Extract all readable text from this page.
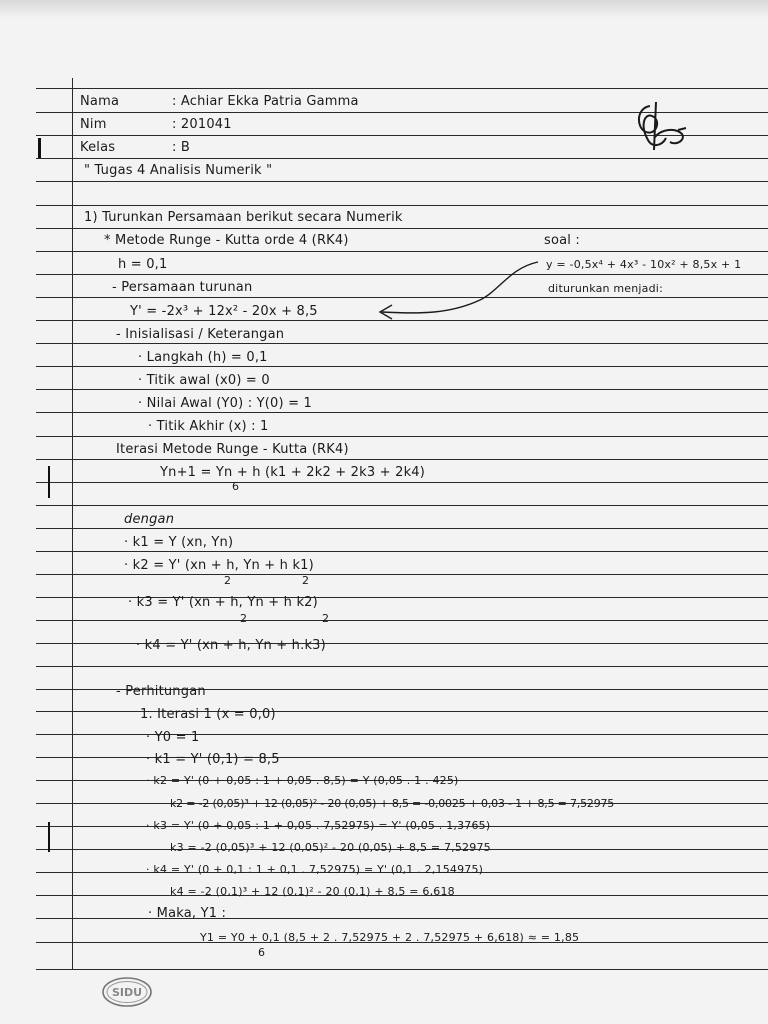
Nama	: Achiar Ekka Patria Gamma
Nim	: 201041
Kelas	: B
" Tugas 4 Analisis Numerik "
1) Turunkan Persamaan berikut secara Numerik
* Metode Runge - Kutta orde 4 (RK4)
h = 0,1
soal :
y = -0,5x⁴ + 4x³ - 10x² + 8,5x + 1
diturunkan menjadi:
- Persamaan turunan
Y' = -2x³ + 12x² - 20x + 8,5
- Inisialisasi / Keterangan
· Langkah (h) = 0,1
· Titik awal (x0) = 0
· Nilai Awal (Y0) : Y(0) = 1
· Titik Akhir (x) : 1
Iterasi Metode Runge - Kutta (RK4)
Yn+1 = Yn + h (k1 + 2k2 + 2k3 + 2k4)
6
dengan
· k1 = Y (xn, Yn)
· k2 = Y' (xn + h, Yn + h k1)
2	2
· k3 = Y' (xn + h, Yn + h k2)
2	2
· k4 = Y' (xn + h, Yn + h.k3)
- Perhitungan
1. Iterasi 1 (x = 0,0)
· Y0 = 1
· k1 = Y' (0,1) = 8,5
· k2 = Y' (0 + 0,05 : 1 + 0,05 . 8,5) = Y (0,05 . 1 . 425)
k2 = -2 (0,05)³ + 12 (0,05)² - 20 (0,05) + 8,5 = -0,0025 + 0,03 - 1 + 8,5 = 7,52975
· k3 = Y' (0 + 0,05 : 1 + 0,05 . 7,52975) = Y' (0,05 . 1,3765)
k3 = -2 (0,05)³ + 12 (0,05)² - 20 (0,05) + 8,5 = 7,52975
· k4 = Y' (0 + 0,1 : 1 + 0,1 . 7,52975) = Y' (0,1 . 2,154975)
k4 = -2 (0,1)³ + 12 (0,1)² - 20 (0,1) + 8,5 = 6,618
· Maka, Y1 :
Y1 = Y0 + 0,1 (8,5 + 2 . 7,52975 + 2 . 7,52975 + 6,618) ≈ = 1,85
6
SIDU
